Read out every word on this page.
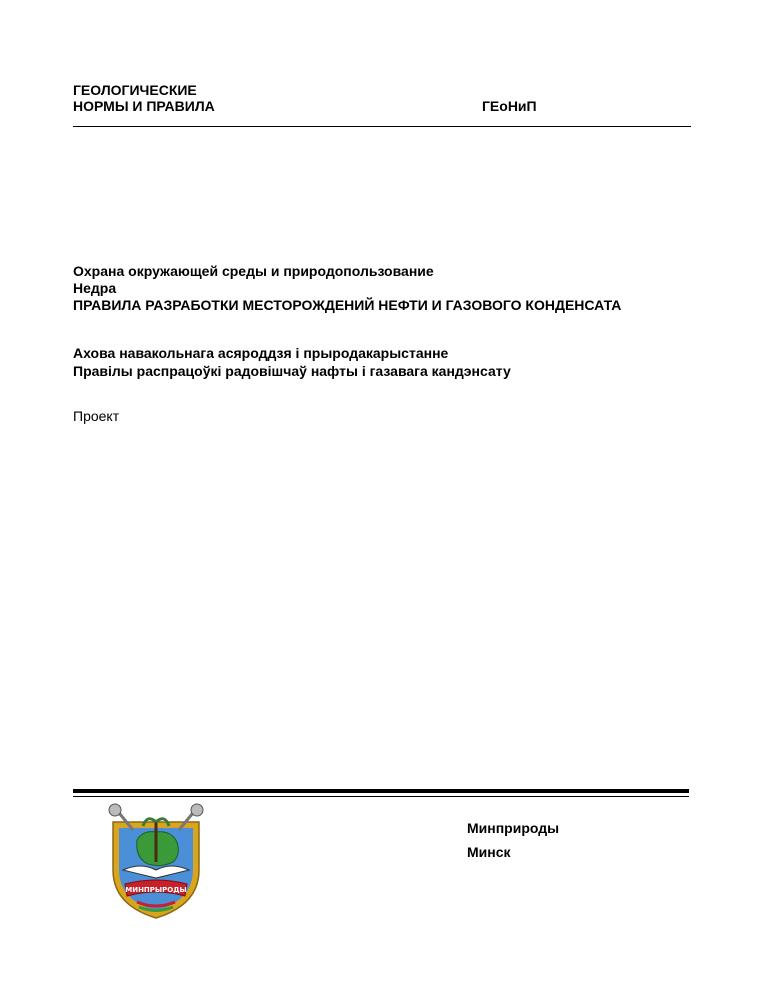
ГЕОЛОГИЧЕСКИЕ
НОРМЫ И ПРАВИЛА	ГЕоНиП
Охрана окружающей среды и природопользование
Недра
ПРАВИЛА РАЗРАБОТКИ МЕСТОРОЖДЕНИЙ НЕФТИ И ГАЗОВОГО КОНДЕНСАТА
Ахова навакольнага асяроддзя і прыродакарыстанне
Правілы распрацоўкі радовішчаў нафты і газавага кандэнсату
Проект
МИНПРЫРОДЫ
Минприроды
Минск
